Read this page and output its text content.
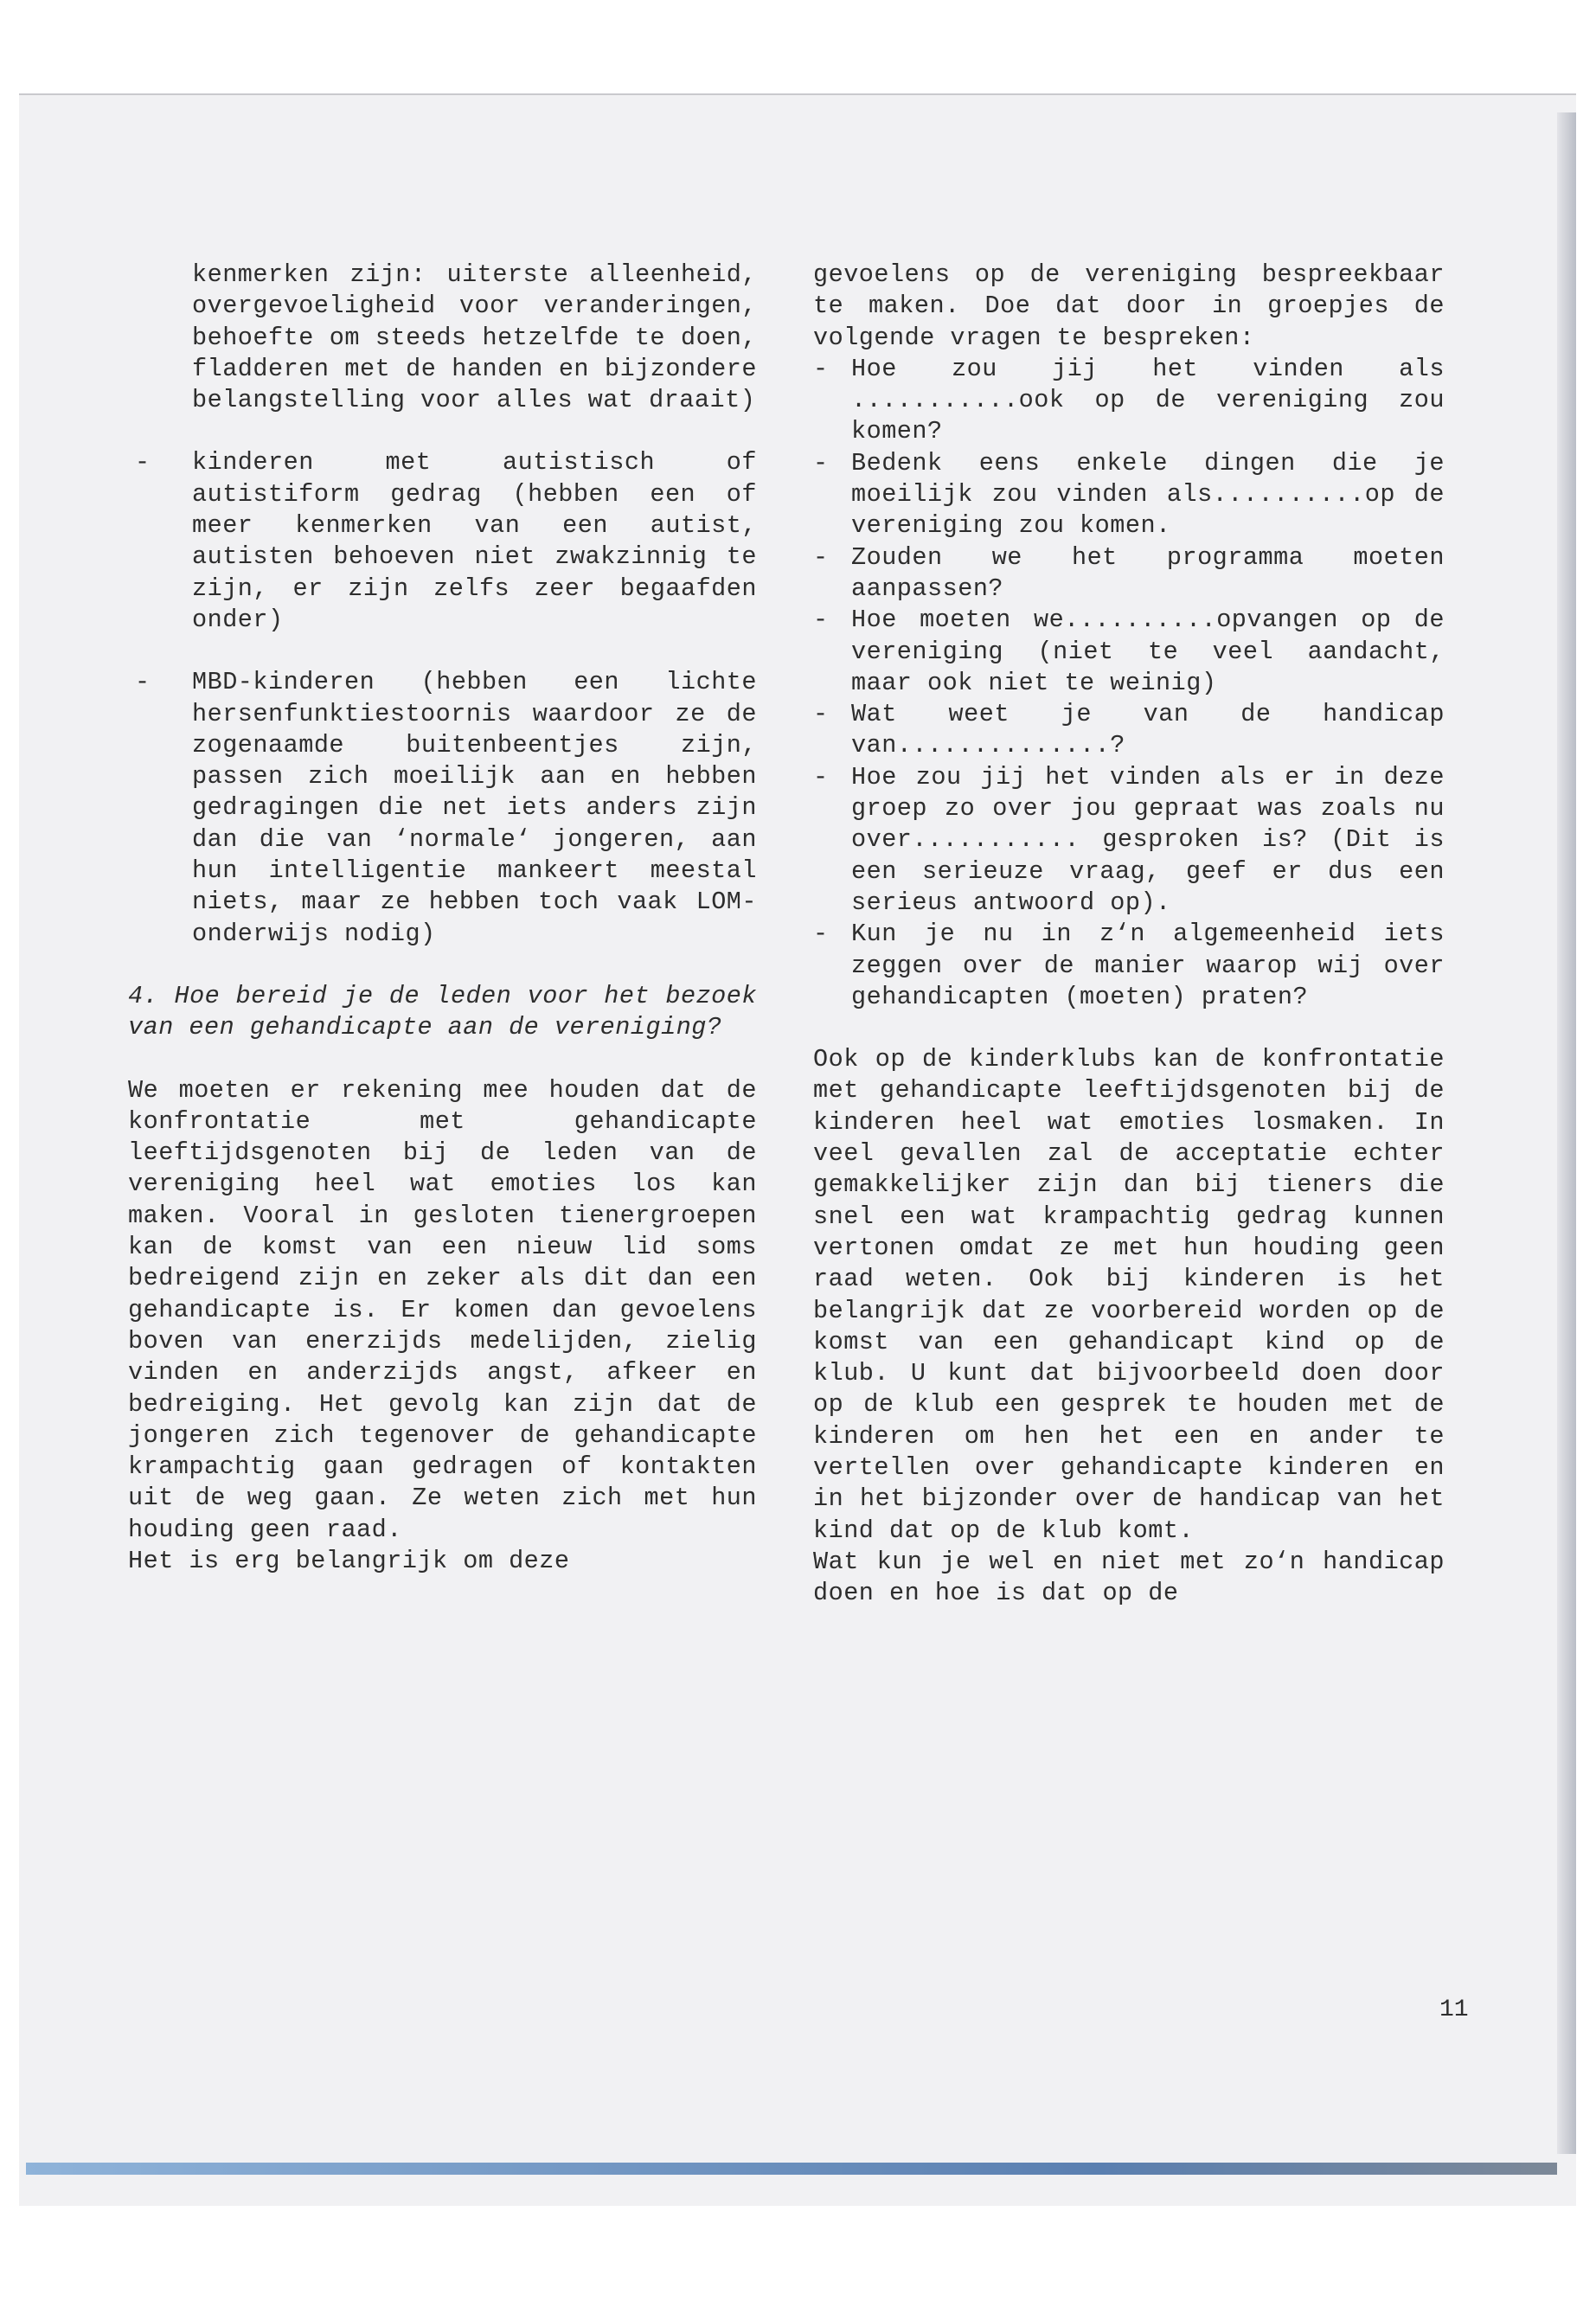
kenmerken zijn: uiterste alleenheid, overgevoeligheid voor veranderingen, behoefte om steeds hetzelfde te doen, fladderen met de handen en bijzondere belangstelling voor alles wat draait)

- kinderen met autistisch of autistiform gedrag (hebben een of meer kenmerken van een autist, autisten behoeven niet zwakzinnig te zijn, er zijn zelfs zeer begaafden onder)
- MBD-kinderen (hebben een lichte hersenfunktiestoornis waardoor ze de zogenaamde buitenbeentjes zijn, passen zich moeilijk aan en hebben gedragingen die net iets anders zijn dan die van ‘normale‘ jongeren, aan hun intelligentie mankeert meestal niets, maar ze hebben toch vaak LOM-onderwijs nodig)

4. Hoe bereid je de leden voor het bezoek van een gehandicapte aan de vereniging?

We moeten er rekening mee houden dat de konfrontatie met gehandicapte leeftijdsgenoten bij de leden van de vereniging heel wat emoties los kan maken. Vooral in gesloten tienergroepen kan de komst van een nieuw lid soms bedreigend zijn en zeker als dit dan een gehandicapte is. Er komen dan gevoelens boven van enerzijds medelijden, zielig vinden en anderzijds angst, afkeer en bedreiging. Het gevolg kan zijn dat de jongeren zich tegenover de gehandicapte krampachtig gaan gedragen of kontakten uit de weg gaan. Ze weten zich met hun houding geen raad.

Het is erg belangrijk om deze

gevoelens op de vereniging bespreekbaar te maken. Doe dat door in groepjes de volgende vragen te bespreken:

- Hoe zou jij het vinden als ...........ook op de vereniging zou komen?
- Bedenk eens enkele dingen die je moeilijk zou vinden als..........op de vereniging zou komen.
- Zouden we het programma moeten aanpassen?
- Hoe moeten we..........opvangen op de vereniging (niet te veel aandacht, maar ook niet te weinig)
- Wat weet je van de handicap van..............?
- Hoe zou jij het vinden als er in deze groep zo over jou gepraat was zoals nu over........... gesproken is? (Dit is een serieuze vraag, geef er dus een serieus antwoord op).
- Kun je nu in z‘n algemeenheid iets zeggen over de manier waarop wij over gehandicapten (moeten) praten?

Ook op de kinderklubs kan de konfrontatie met gehandicapte leeftijdsgenoten bij de kinderen heel wat emoties losmaken. In veel gevallen zal de acceptatie echter gemakkelijker zijn dan bij tieners die snel een wat krampachtig gedrag kunnen vertonen omdat ze met hun houding geen raad weten. Ook bij kinderen is het belangrijk dat ze voorbereid worden op de komst van een gehandicapt kind op de klub. U kunt dat bijvoorbeeld doen door op de klub een gesprek te houden met de kinderen om hen het een en ander te vertellen over gehandicapte kinderen en in het bijzonder over de handicap van het kind dat op de klub komt.

Wat kun je wel en niet met zo‘n handicap doen en hoe is dat op de

11
